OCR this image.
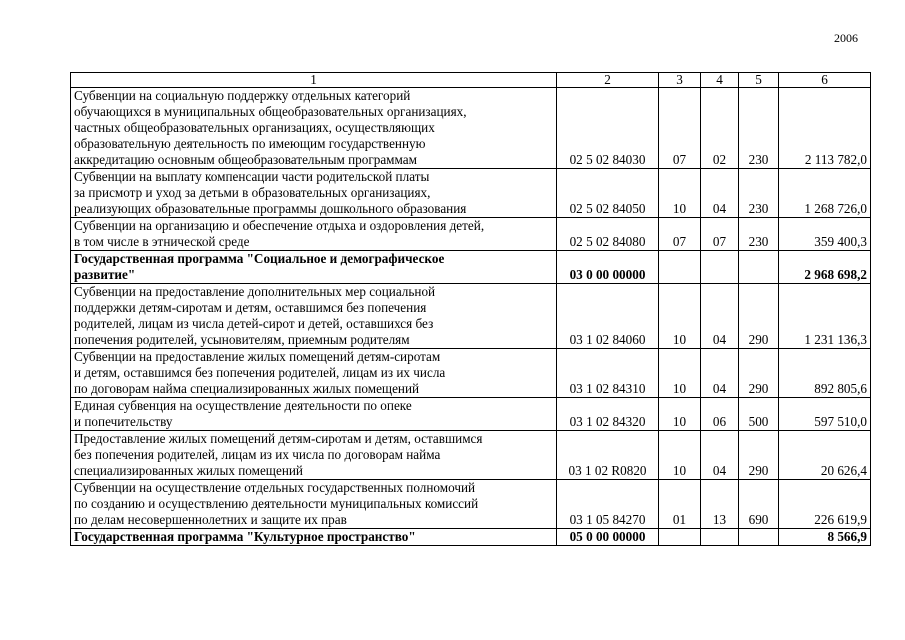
2006
1	2	3	4	5	6

Субвенции на социальную поддержку отдельных категорий
обучающихся в муниципальных общеобразовательных организациях,
частных общеобразовательных организациях, осуществляющих
образовательную деятельность по имеющим государственную
аккредитацию основным общеобразовательным программам	02 5 02 84030	07	02	230	2 113 782,0

Субвенции на выплату компенсации части родительской платы
за присмотр и уход за детьми в образовательных организациях,
реализующих образовательные программы дошкольного образования	02 5 02 84050	10	04	230	1 268 726,0

Субвенции на организацию и обеспечение отдыха и оздоровления детей,
в том числе в этнической среде	02 5 02 84080	07	07	230	359 400,3

Государственная программа "Социальное и демографическое
развитие"	03 0 00 00000				2 968 698,2

Субвенции на предоставление дополнительных мер социальной
поддержки детям-сиротам и детям, оставшимся без попечения
родителей, лицам из числа детей-сирот и детей, оставшихся без
попечения родителей, усыновителям, приемным родителям	03 1 02 84060	10	04	290	1 231 136,3

Субвенции на предоставление жилых помещений детям-сиротам
и детям, оставшимся без попечения родителей, лицам из их числа
по договорам найма специализированных жилых помещений	03 1 02 84310	10	04	290	892 805,6

Единая субвенция на осуществление деятельности по опеке
и попечительству	03 1 02 84320	10	06	500	597 510,0

Предоставление жилых помещений детям-сиротам и детям, оставшимся
без попечения родителей, лицам из их числа по договорам найма
специализированных жилых помещений	03 1 02 R0820	10	04	290	20 626,4

Субвенции на осуществление отдельных государственных полномочий
по созданию и осуществлению деятельности муниципальных комиссий
по делам несовершеннолетних и защите их прав	03 1 05 84270	01	13	690	226 619,9

Государственная программа "Культурное пространство"	05 0 00 00000				8 566,9
